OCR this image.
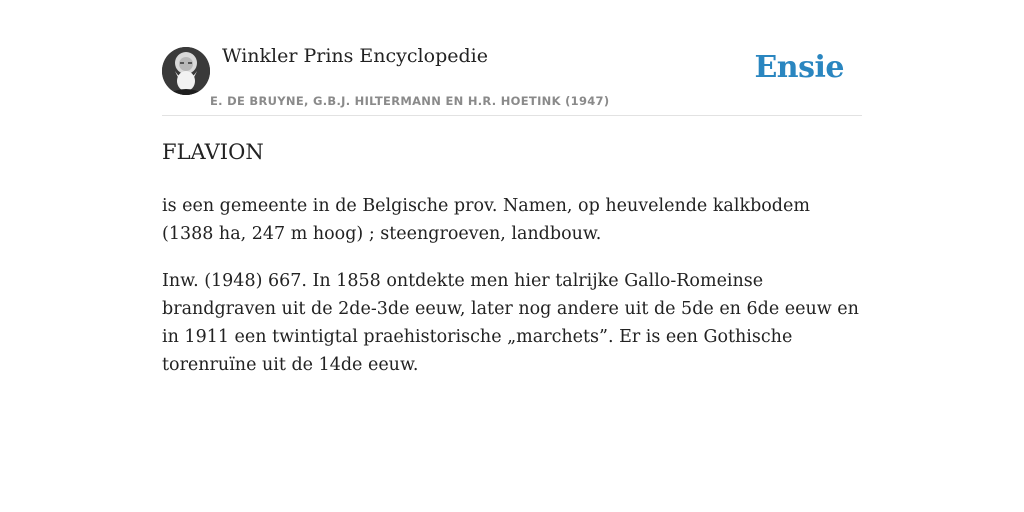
Winkler Prins Encyclopedie
E. DE BRUYNE, G.B.J. HILTERMANN EN H.R. HOETINK (1947)
Ensie
FLAVION

is een gemeente in de Belgische prov. Namen, op heuvelende kalkbodem (1388 ha, 247 m hoog) ; steengroeven, landbouw.

Inw. (1948) 667. In 1858 ontdekte men hier talrijke Gallo-Romeinse brandgraven uit de 2de-3de eeuw, later nog andere uit de 5de en 6de eeuw en in 1911 een twintigtal praehistorische „marchets”. Er is een Gothische torenruïne uit de 14de eeuw.
